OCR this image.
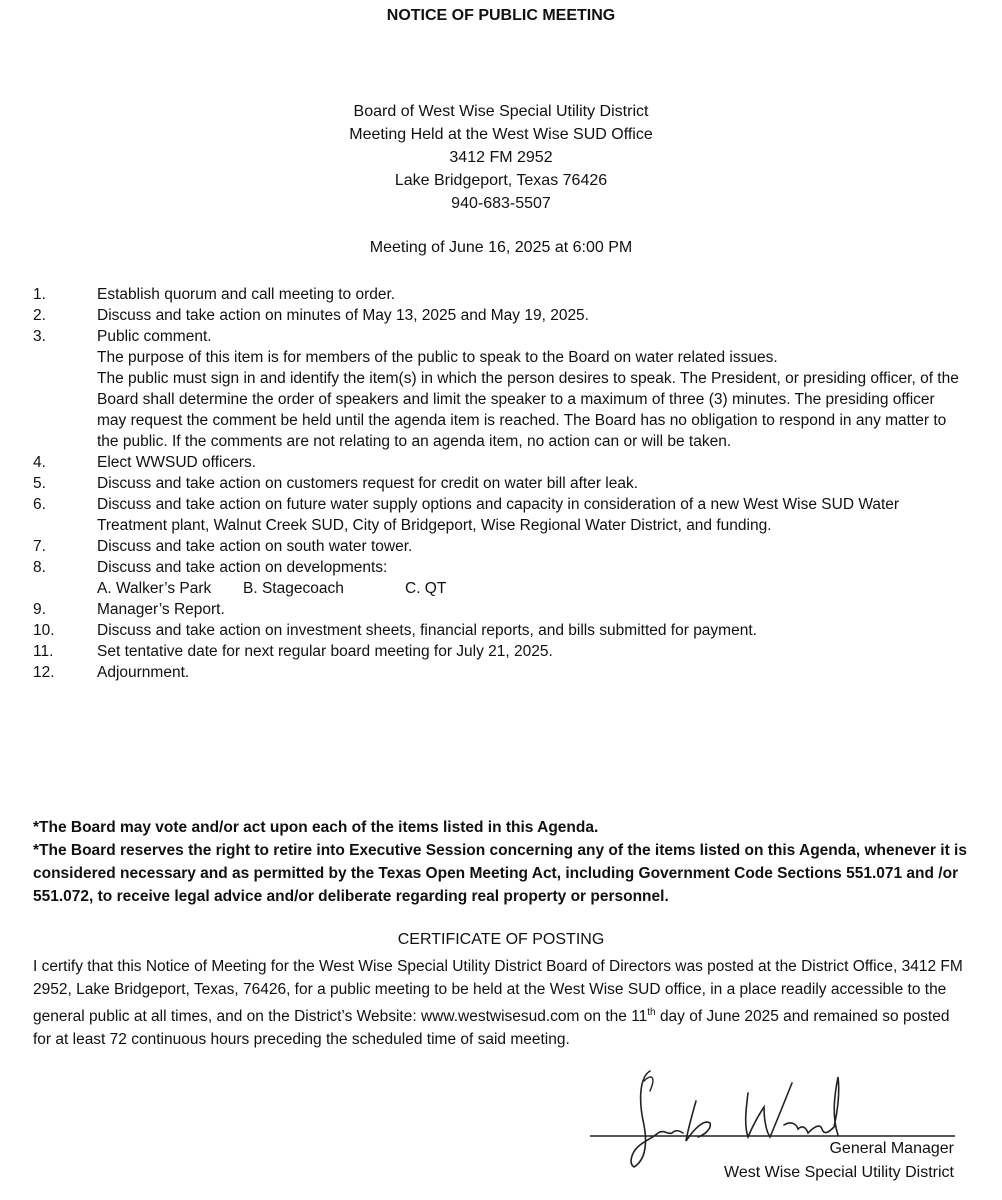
NOTICE OF PUBLIC MEETING
Board of West Wise Special Utility District
Meeting Held at the West Wise SUD Office
3412 FM 2952
Lake Bridgeport, Texas 76426
940-683-5507
Meeting of June 16, 2025 at 6:00 PM
1.	Establish quorum and call meeting to order.
2.	Discuss and take action on minutes of May 13, 2025 and May 19, 2025.
3.	Public comment.
The purpose of this item is for members of the public to speak to the Board on water related issues.
The public must sign in and identify the item(s) in which the person desires to speak. The President, or presiding officer, of the Board shall determine the order of speakers and limit the speaker to a maximum of three (3) minutes. The presiding officer may request the comment be held until the agenda item is reached. The Board has no obligation to respond in any matter to the public. If the comments are not relating to an agenda item, no action can or will be taken.
4.	Elect WWSUD officers.
5.	Discuss and take action on customers request for credit on water bill after leak.
6.	Discuss and take action on future water supply options and capacity in consideration of a new West Wise SUD Water Treatment plant, Walnut Creek SUD, City of Bridgeport, Wise Regional Water District, and funding.
7.	Discuss and take action on south water tower.
8.	Discuss and take action on developments:
A. Walker’s Park B. Stagecoach	C. QT
9.	Manager’s Report.
10.	Discuss and take action on investment sheets, financial reports, and bills submitted for payment.
11.	Set tentative date for next regular board meeting for July 21, 2025.
12.	Adjournment.

*The Board may vote and/or act upon each of the items listed in this Agenda.

*The Board reserves the right to retire into Executive Session concerning any of the items listed on this Agenda, whenever it is considered necessary and as permitted by the Texas Open Meeting Act, including Government Code Sections 551.071 and /or 551.072, to receive legal advice and/or deliberate regarding real property or personnel.

CERTIFICATE OF POSTING
I certify that this Notice of Meeting for the West Wise Special Utility District Board of Directors was posted at the District Office, 3412 FM 2952, Lake Bridgeport, Texas, 76426, for a public meeting to be held at the West Wise SUD office, in a place readily accessible to the general public at all times, and on the District’s Website: www.westwisesud.com on the 11th day of June 2025 and remained so posted for at least 72 continuous hours preceding the scheduled time of said meeting.
General Manager
West Wise Special Utility District
